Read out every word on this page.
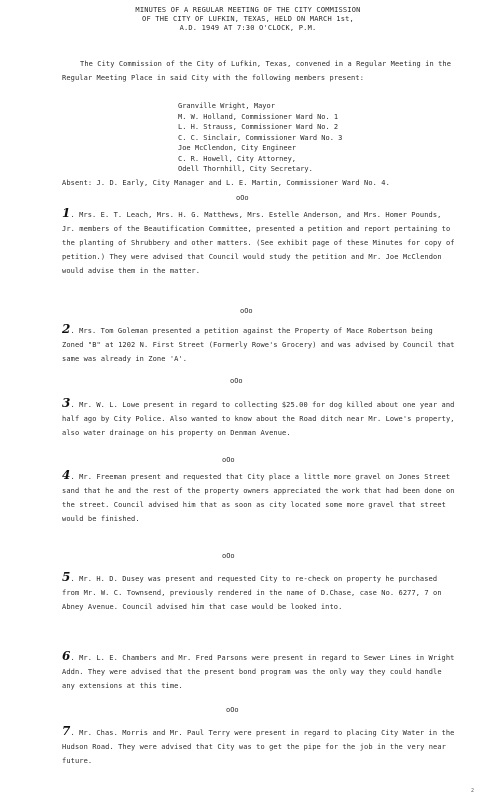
MINUTES OF A REGULAR MEETING OF THE CITY COMMISSION
OF THE CITY OF LUFKIN, TEXAS, HELD ON MARCH 1st,
A.D. 1949 AT 7:30 O'CLOCK, P.M.
The City Commission of the City of Lufkin, Texas, convened in a Regular Meeting in the Regular Meeting Place in said City with the following members present:
Granville Wright, Mayor
M. W. Holland, Commissioner Ward No. 1
L. H. Strauss, Commissioner Ward No. 2
C. C. Sinclair, Commissioner Ward No. 3
Joe McClendon, City Engineer
C. R. Howell, City Attorney,
Odell Thornhill, City Secretary.
Absent: J. D. Early, City Manager and L. E. Martin, Commissioner Ward No. 4.
oOo
1. Mrs. E. T. Leach, Mrs. H. G. Matthews, Mrs. Estelle Anderson, and Mrs. Homer Pounds, Jr. members of the Beautification Committee, presented a petition and report pertaining to the planting of Shrubbery and other matters. (See exhibit page of these Minutes for copy of petition.) They were advised that Council would study the petition and Mr. Joe McClendon would advise them in the matter.
oOo
2. Mrs. Tom Goleman presented a petition against the Property of Mace Robertson being Zoned "B" at 1202 N. First Street (Formerly Rowe's Grocery) and was advised by Council that same was already in Zone 'A'.
oOo
3. Mr. W. L. Lowe present in regard to collecting $25.00 for dog killed about one year and half ago by City Police. Also wanted to know about the Road ditch near Mr. Lowe's property, also water drainage on his property on Denman Avenue.
oOo
4. Mr. Freeman present and requested that City place a little more gravel on Jones Street sand that he and the rest of the property owners appreciated the work that had been done on the street. Council advised him that as soon as city located some more gravel that street would be finished.
oOo
5. Mr. H. D. Dusey was present and requested City to re-check on property he purchased from Mr. W. C. Townsend, previously rendered in the name of D.Chase, case No. 6277, 7 on Abney Avenue. Council advised him that case would be looked into.
6. Mr. L. E. Chambers and Mr. Fred Parsons were present in regard to Sewer Lines in Wright Addn. They were advised that the present bond program was the only way they could handle any extensions at this time.
oOo
7. Mr. Chas. Morris and Mr. Paul Terry were present in regard to placing City Water in the Hudson Road. They were advised that City was to get the pipe for the job in the very near future.
2
